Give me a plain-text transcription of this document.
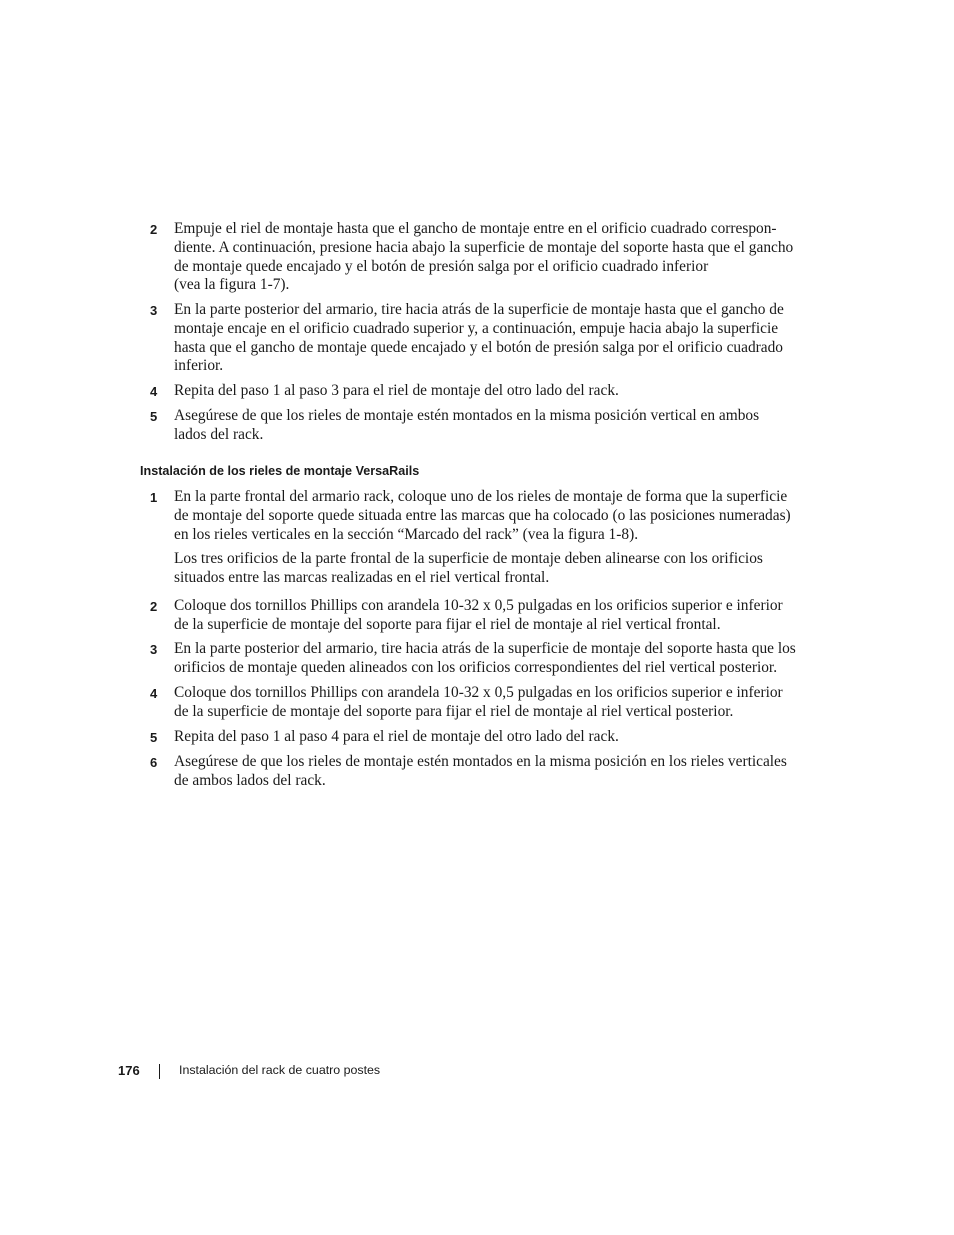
2 Empuje el riel de montaje hasta que el gancho de montaje entre en el orificio cuadrado correspon-
diente. A continuación, presione hacia abajo la superficie de montaje del soporte hasta que el gancho
de montaje quede encajado y el botón de presión salga por el orificio cuadrado inferior
(vea la figura 1-7).
3 En la parte posterior del armario, tire hacia atrás de la superficie de montaje hasta que el gancho de
montaje encaje en el orificio cuadrado superior y, a continuación, empuje hacia abajo la superficie
hasta que el gancho de montaje quede encajado y el botón de presión salga por el orificio cuadrado
inferior.
4 Repita del paso 1 al paso 3 para el riel de montaje del otro lado del rack.
5 Asegúrese de que los rieles de montaje estén montados en la misma posición vertical en ambos
lados del rack.
Instalación de los rieles de montaje VersaRails
1 En la parte frontal del armario rack, coloque uno de los rieles de montaje de forma que la superficie
de montaje del soporte quede situada entre las marcas que ha colocado (o las posiciones numeradas)
en los rieles verticales en la sección “Marcado del rack” (vea la figura 1-8).
Los tres orificios de la parte frontal de la superficie de montaje deben alinearse con los orificios
situados entre las marcas realizadas en el riel vertical frontal.
2 Coloque dos tornillos Phillips con arandela 10-32 x 0,5 pulgadas en los orificios superior e inferior
de la superficie de montaje del soporte para fijar el riel de montaje al riel vertical frontal.
3 En la parte posterior del armario, tire hacia atrás de la superficie de montaje del soporte hasta que los
orificios de montaje queden alineados con los orificios correspondientes del riel vertical posterior.
4 Coloque dos tornillos Phillips con arandela 10-32 x 0,5 pulgadas en los orificios superior e inferior
de la superficie de montaje del soporte para fijar el riel de montaje al riel vertical posterior.
5 Repita del paso 1 al paso 4 para el riel de montaje del otro lado del rack.
6 Asegúrese de que los rieles de montaje estén montados en la misma posición en los rieles verticales
de ambos lados del rack.
176	Instalación del rack de cuatro postes
